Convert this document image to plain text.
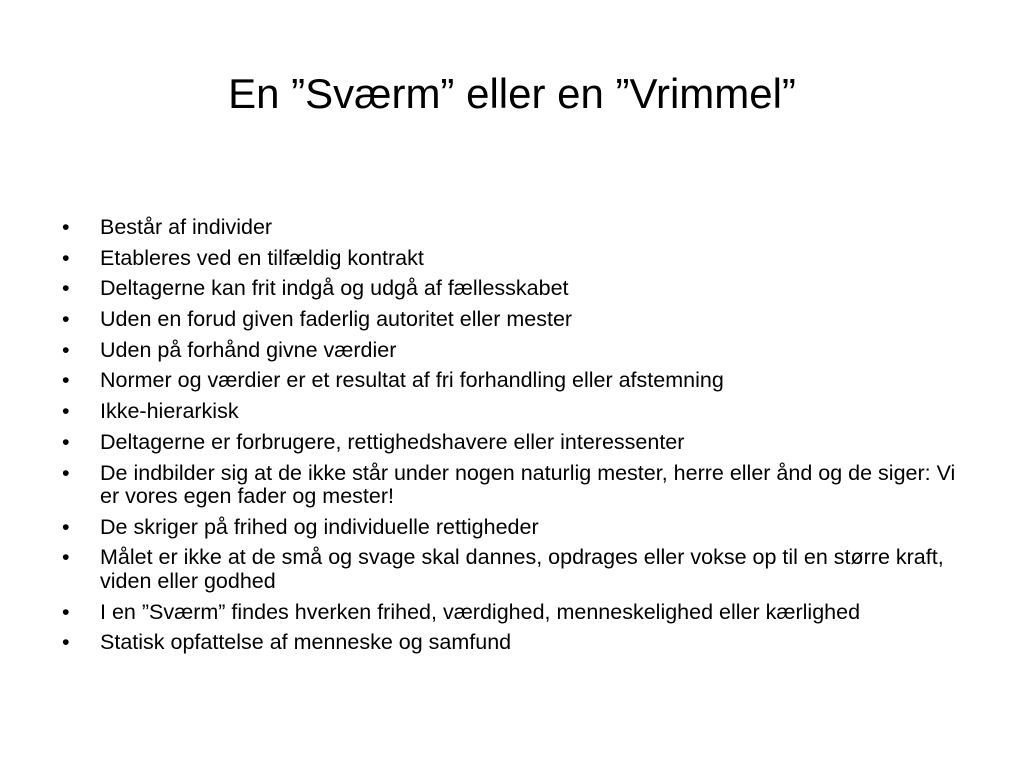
En ”Sværm” eller en ”Vrimmel”
•	Består af individer
•	Etableres ved en tilfældig kontrakt
•	Deltagerne kan frit indgå og udgå af fællesskabet
•	Uden en forud given faderlig autoritet eller mester
•	Uden på forhånd givne værdier
•	Normer og værdier er et resultat af fri forhandling eller afstemning
•	Ikke-hierarkisk
•	Deltagerne er forbrugere, rettighedshavere eller interessenter
•	De indbilder sig at de ikke står under nogen naturlig mester, herre eller ånd og de siger: Vi er vores egen fader og mester!
•	De skriger på frihed og individuelle rettigheder
•	Målet er ikke at de små og svage skal dannes, opdrages eller vokse op til en større kraft, viden eller godhed
•	I en ”Sværm” findes hverken frihed, værdighed, menneskelighed eller kærlighed
•	Statisk opfattelse af menneske og samfund
